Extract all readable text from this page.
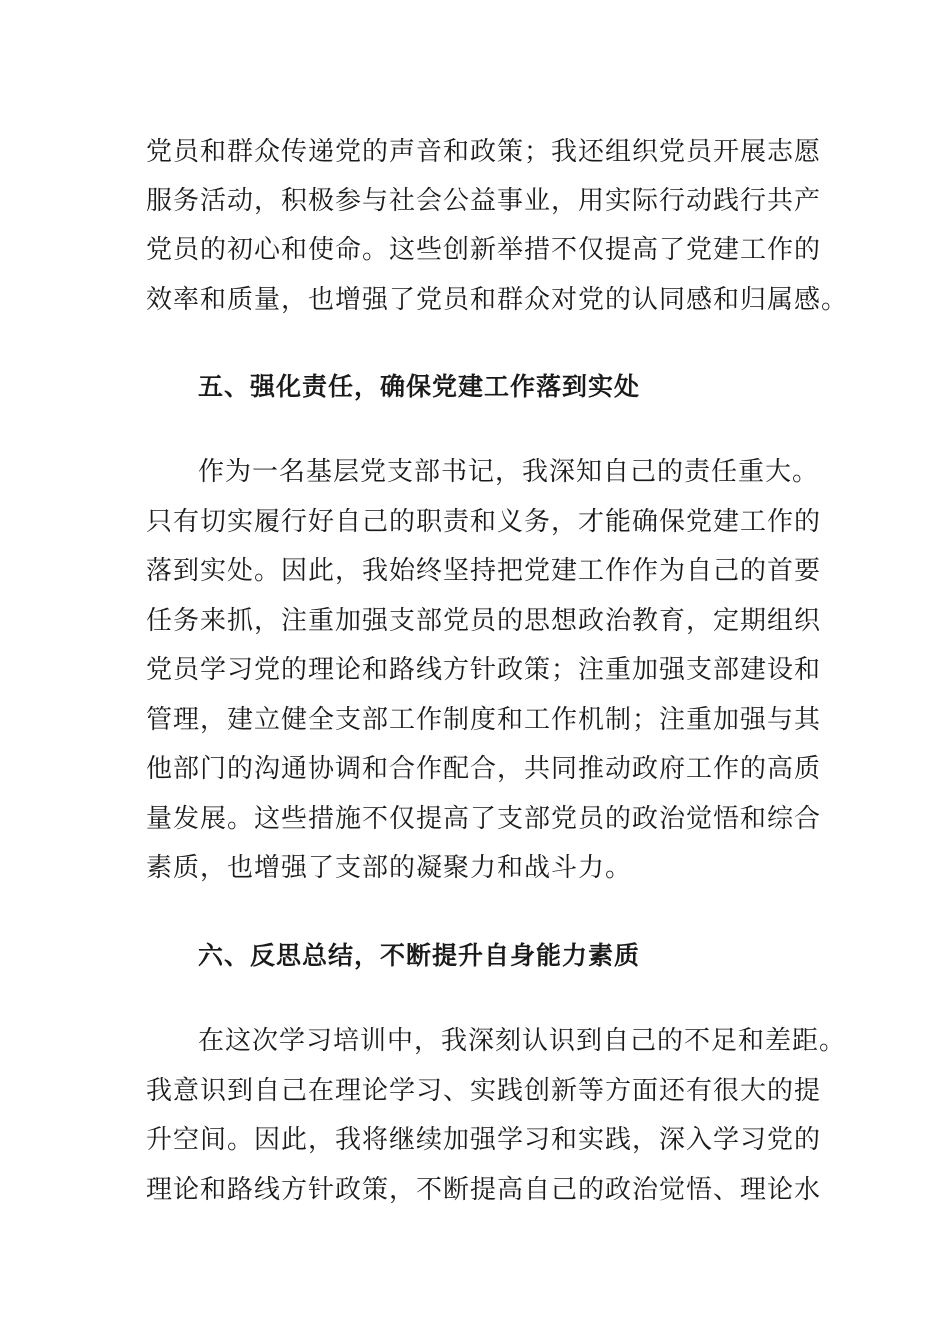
党员和群众传递党的声音和政策；我还组织党员开展志愿
服务活动，积极参与社会公益事业，用实际行动践行共产
党员的初心和使命。这些创新举措不仅提高了党建工作的
效率和质量，也增强了党员和群众对党的认同感和归属感。
五、强化责任，确保党建工作落到实处
作为一名基层党支部书记，我深知自己的责任重大。
只有切实履行好自己的职责和义务，才能确保党建工作的
落到实处。因此，我始终坚持把党建工作作为自己的首要
任务来抓，注重加强支部党员的思想政治教育，定期组织
党员学习党的理论和路线方针政策；注重加强支部建设和
管理，建立健全支部工作制度和工作机制；注重加强与其
他部门的沟通协调和合作配合，共同推动政府工作的高质
量发展。这些措施不仅提高了支部党员的政治觉悟和综合
素质，也增强了支部的凝聚力和战斗力。
六、反思总结，不断提升自身能力素质
在这次学习培训中，我深刻认识到自己的不足和差距。
我意识到自己在理论学习、实践创新等方面还有很大的提
升空间。因此，我将继续加强学习和实践，深入学习党的
理论和路线方针政策，不断提高自己的政治觉悟、理论水
